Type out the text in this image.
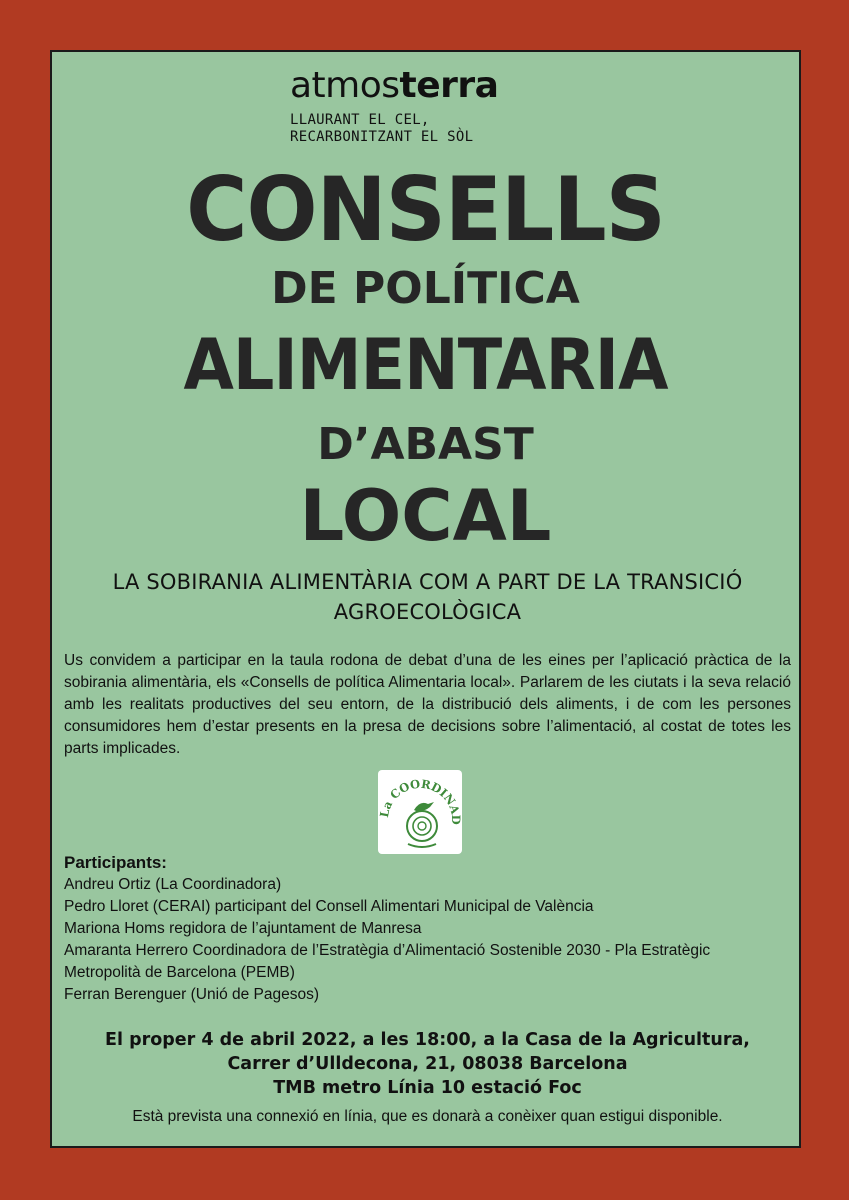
atmosterra
LLAURANT EL CEL,
RECARBONITZANT EL SÒL
CONSELLS
DE POLÍTICA
ALIMENTARIA
D’ABAST
LOCAL
LA SOBIRANIA ALIMENTÀRIA COM A PART DE LA TRANSICIÓ
AGROECOLÒGICA
Us convidem a participar en la taula rodona de debat d’una de les eines per l’aplicació pràctica de la sobirania alimentària, els «Consells de política Alimentaria local». Parlarem de les ciutats i la seva relació amb les realitats productives del seu entorn, de la distribució dels aliments, i de com les persones consumidores hem d’estar presents en la presa de decisions sobre l’alimentació, al costat de totes les parts implicades.
La COORDINAD
Participants:
Andreu Ortiz (La Coordinadora)
Pedro Lloret (CERAI) participant del Consell Alimentari Municipal de València
Mariona Homs regidora de l’ajuntament de Manresa
Amaranta Herrero Coordinadora de l’Estratègia d’Alimentació Sostenible 2030 - Pla Estratègic Metropolità de Barcelona (PEMB)
Ferran Berenguer (Unió de Pagesos)
El proper 4 de abril 2022, a les 18:00, a la Casa de la Agricultura,
Carrer d’Ulldecona, 21, 08038 Barcelona
TMB metro Línia 10 estació Foc
Està prevista una connexió en línia, que es donarà a conèixer quan estigui disponible.
